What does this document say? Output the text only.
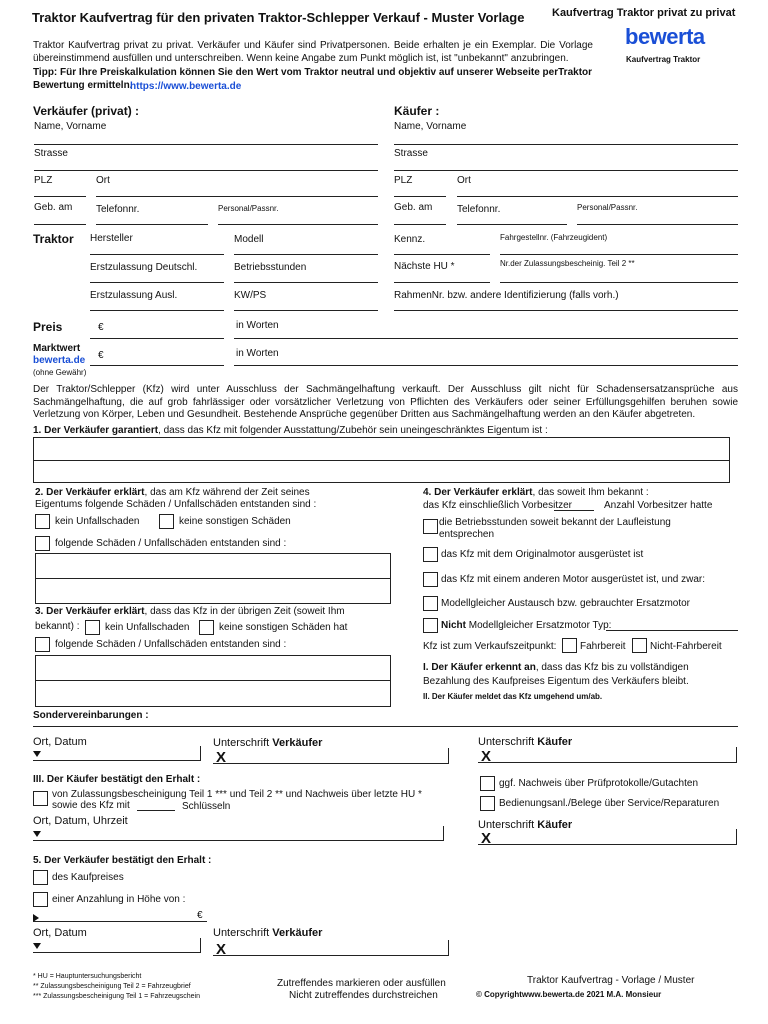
Traktor Kaufvertrag für den privaten Traktor-Schlepper Verkauf - Muster Vorlage	Kaufvertrag Traktor privat zu privat
bewerta
Kaufvertrag Traktor
Traktor Kaufvertrag privat zu privat. Verkäufer und Käufer sind Privatpersonen. Beide erhalten je ein Exemplar. Die Vorlage übereinstimmend ausfüllen und unterschreiben. Wenn keine Angabe zum Punkt möglich ist, ist "unbekannt" anzubringen.
Tipp: Für Ihre Preiskalkulation können Sie den Wert vom Traktor neutral und objektiv auf unserer Webseite perTraktor Bewertung ermitteln.
https://www.bewerta.de
Verkäufer (privat) :
Name, Vorname
Strasse
PLZ	Ort
Geb. am Telefonnr.	Personal/Passnr.
Käufer :
Name, Vorname
Strasse
PLZ	Ort
Geb. am Telefonnr.	Personal/Passnr.
Traktor Hersteller	Modell	Kennz.	Fahrgestellnr. (Fahrzeugident)
Erstzulassung Deutschl.	Betriebsstunden	Nächste HU *	Nr.der Zulassungsbescheinig. Teil 2 **
Erstzulassung Ausl.	KW/PS	RahmenNr. bzw. andere Identifizierung (falls vorh.)
Preis	€	in Worten
Marktwert
bewerta.de
(ohne Gewähr)
€	in Worten
Der Traktor/Schlepper (Kfz) wird unter Ausschluss der Sachmängelhaftung verkauft. Der Ausschluss gilt nicht für Schadensersatzansprüche aus Sachmängelhaftung, die auf grob fahrlässiger oder vorsätzlicher Verletzung von Pflichten des Verkäufers oder seiner Erfüllungsgehilfen beruhen sowie Verletzung von Körper, Leben und Gesundheit. Bestehende Ansprüche gegenüber Dritten aus Sachmängelhaftung werden an den Käufer abgetreten.
1. Der Verkäufer garantiert, dass das Kfz mit folgender Ausstattung/Zubehör sein uneingeschränktes Eigentum ist :
2. Der Verkäufer erklärt, das am Kfz während der Zeit seines
Eigentums folgende Schäden / Unfallschäden entstanden sind :
kein Unfallschaden	keine sonstigen Schäden
folgende Schäden / Unfallschäden entstanden sind :
3. Der Verkäufer erklärt, dass das Kfz in der übrigen Zeit (soweit Ihm
bekannt) :	kein Unfallschaden	keine sonstigen Schäden hat
folgende Schäden / Unfallschäden entstanden sind :
4. Der Verkäufer erklärt, das soweit Ihm bekannt :
das Kfz einschließlich Vorbesitzer	Anzahl Vorbesitzer hatte
die Betriebsstunden soweit bekannt der Laufleistung
entsprechen
das Kfz mit dem Originalmotor ausgerüstet ist
das Kfz mit einem anderen Motor ausgerüstet ist, und zwar:
Modellgleicher Austausch bzw. gebrauchter Ersatzmotor
Nicht Modellgleicher Ersatzmotor Typ:
Kfz ist zum Verkaufszeitpunkt: Fahrbereit Nicht-Fahrbereit
I. Der Käufer erkennt an, dass das Kfz bis zu vollständigen
Bezahlung des Kaufpreises Eigentum des Verkäufers bleibt.
II. Der Käufer meldet das Kfz umgehend um/ab.
Sondervereinbarungen :
Ort, Datum	Unterschrift Verkäufer
X
Unterschrift Käufer
X
III. Der Käufer bestätigt den Erhalt :
von Zulassungsbescheinigung Teil 1 *** und Teil 2 ** und Nachweis über letzte HU *
sowie des Kfz mit	Schlüsseln
ggf. Nachweis über Prüfprotokolle/Gutachten
Bedienungsanl./Belege über Service/Reparaturen
Ort, Datum, Uhrzeit	Unterschrift Käufer
X
5. Der Verkäufer bestätigt den Erhalt :
des Kaufpreises
einer Anzahlung in Höhe von :
€
Ort, Datum	Unterschrift Verkäufer
X
* HU = Hauptuntersuchungsbericht
** Zulassungsbescheinigung Teil 2 = Fahrzeugbrief
*** Zulassungsbescheinigung Teil 1 = Fahrzeugschein
Zutreffendes markieren oder ausfüllen
Nicht zutreffendes durchstreichen
Traktor Kaufvertrag - Vorlage / Muster
© Copyrightwww.bewerta.de 2021 M.A. Monsieur
